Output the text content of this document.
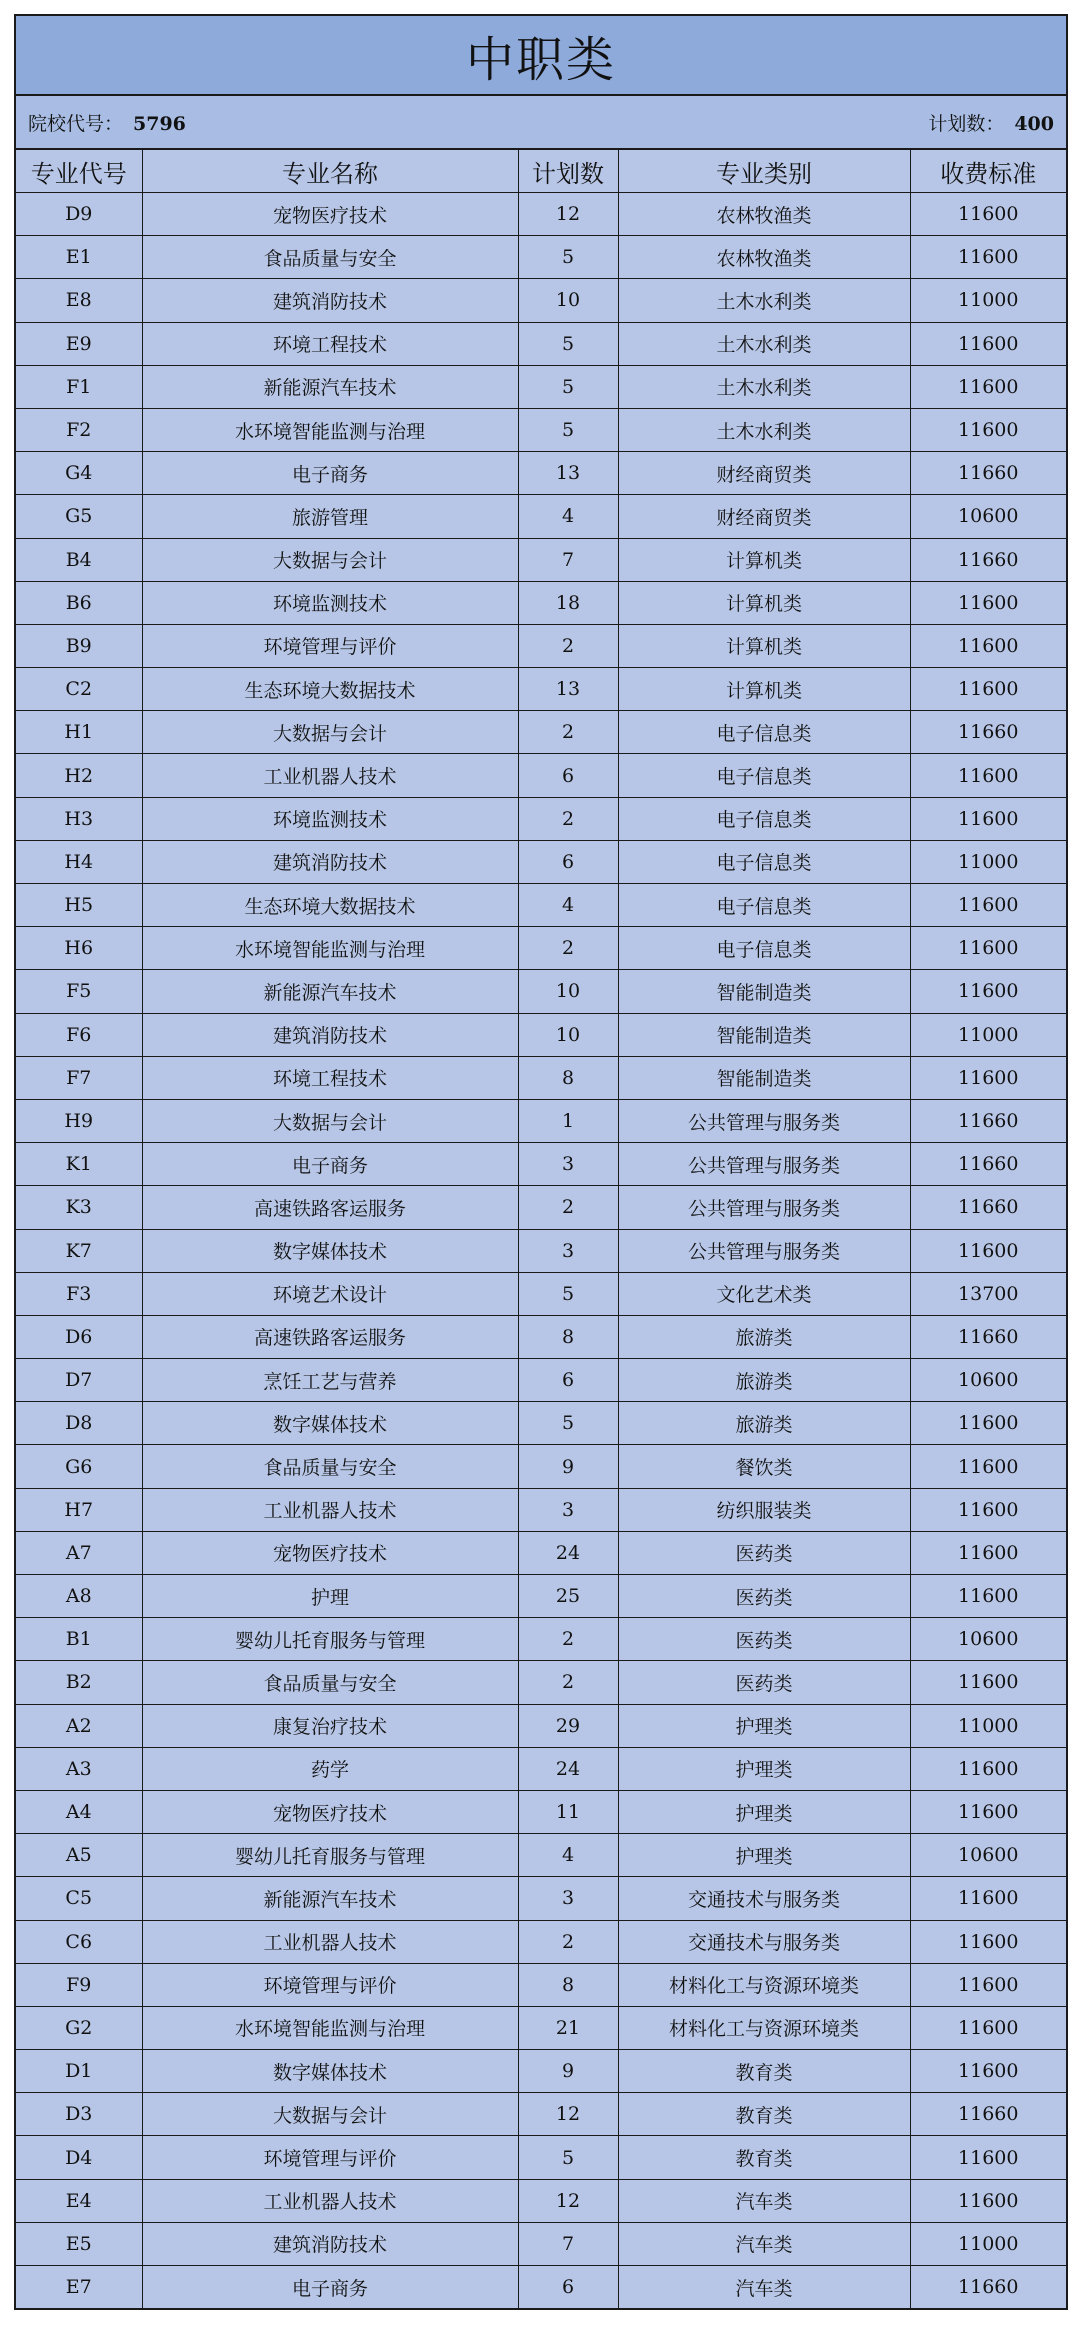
中职类
院校代号： 5796	计划数： 400
专业代号	专业名称	计划数	专业类别	收费标准
D9	宠物医疗技术	12	农林牧渔类	11600
E1	食品质量与安全	5	农林牧渔类	11600
E8	建筑消防技术	10	土木水利类	11000
E9	环境工程技术	5	土木水利类	11600
F1	新能源汽车技术	5	土木水利类	11600
F2	水环境智能监测与治理	5	土木水利类	11600
G4	电子商务	13	财经商贸类	11660
G5	旅游管理	4	财经商贸类	10600
B4	大数据与会计	7	计算机类	11660
B6	环境监测技术	18	计算机类	11600
B9	环境管理与评价	2	计算机类	11600
C2	生态环境大数据技术	13	计算机类	11600
H1	大数据与会计	2	电子信息类	11660
H2	工业机器人技术	6	电子信息类	11600
H3	环境监测技术	2	电子信息类	11600
H4	建筑消防技术	6	电子信息类	11000
H5	生态环境大数据技术	4	电子信息类	11600
H6	水环境智能监测与治理	2	电子信息类	11600
F5	新能源汽车技术	10	智能制造类	11600
F6	建筑消防技术	10	智能制造类	11000
F7	环境工程技术	8	智能制造类	11600
H9	大数据与会计	1	公共管理与服务类	11660
K1	电子商务	3	公共管理与服务类	11660
K3	高速铁路客运服务	2	公共管理与服务类	11660
K7	数字媒体技术	3	公共管理与服务类	11600
F3	环境艺术设计	5	文化艺术类	13700
D6	高速铁路客运服务	8	旅游类	11660
D7	烹饪工艺与营养	6	旅游类	10600
D8	数字媒体技术	5	旅游类	11600
G6	食品质量与安全	9	餐饮类	11600
H7	工业机器人技术	3	纺织服装类	11600
A7	宠物医疗技术	24	医药类	11600
A8	护理	25	医药类	11600
B1	婴幼儿托育服务与管理	2	医药类	10600
B2	食品质量与安全	2	医药类	11600
A2	康复治疗技术	29	护理类	11000
A3	药学	24	护理类	11600
A4	宠物医疗技术	11	护理类	11600
A5	婴幼儿托育服务与管理	4	护理类	10600
C5	新能源汽车技术	3	交通技术与服务类	11600
C6	工业机器人技术	2	交通技术与服务类	11600
F9	环境管理与评价	8	材料化工与资源环境类	11600
G2	水环境智能监测与治理	21	材料化工与资源环境类	11600
D1	数字媒体技术	9	教育类	11600
D3	大数据与会计	12	教育类	11660
D4	环境管理与评价	5	教育类	11600
E4	工业机器人技术	12	汽车类	11600
E5	建筑消防技术	7	汽车类	11000
E7	电子商务	6	汽车类	11660
